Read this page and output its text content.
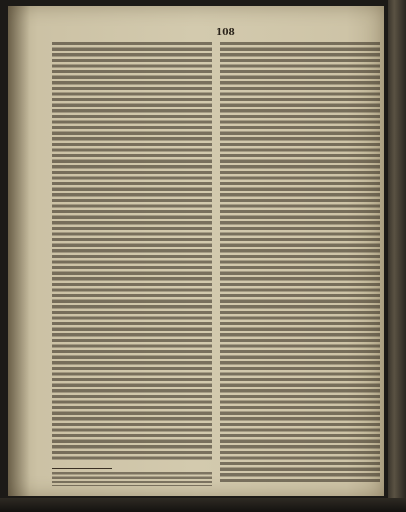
108
